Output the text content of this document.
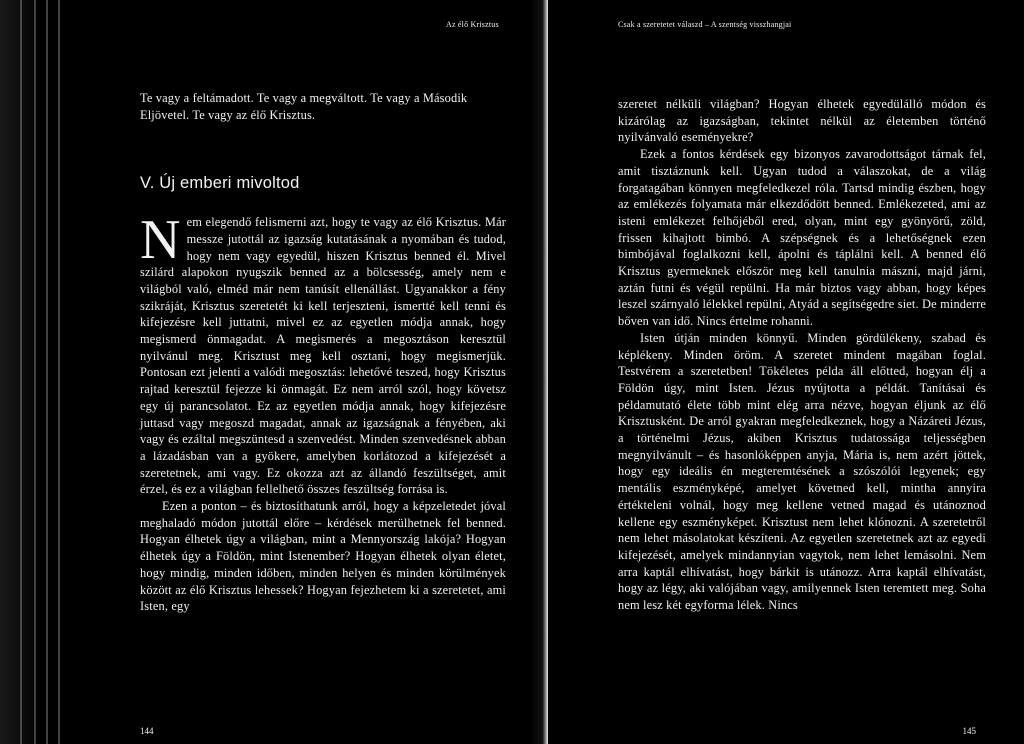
Az élő Krisztus

Te vagy a feltámadott. Te vagy a megváltott. Te vagy a Második Eljövetel. Te vagy az élő Krisztus.

V. Új emberi mivoltod

Nem elegendő felismerni azt, hogy te vagy az élő Krisztus. Már messze jutottál az igazság kutatásának a nyomában és tudod, hogy nem vagy egyedül, hiszen Krisztus benned él. Mivel szilárd alapokon nyugszik benned az a bölcsesség, amely nem e világból való, elméd már nem tanúsít ellenállást. Ugyanakkor a fény szikráját, Krisztus szeretetét ki kell terjeszteni, ismertté kell tenni és kifejezésre kell juttatni, mivel ez az egyetlen módja annak, hogy megismerd önmagadat. A megismerés a megosztáson keresztül nyilvánul meg. Krisztust meg kell osztani, hogy megismerjük. Pontosan ezt jelenti a valódi megosztás: lehetővé teszed, hogy Krisztus rajtad keresztül fejezze ki önmagát. Ez nem arról szól, hogy követsz egy új parancsolatot. Ez az egyetlen módja annak, hogy kifejezésre juttasd vagy megoszd magadat, annak az igazságnak a fényében, aki vagy és ezáltal megszüntesd a szenvedést. Minden szenvedésnek abban a lázadásban van a gyökere, amelyben korlátozod a kifejezését a szeretetnek, ami vagy. Ez okozza azt az állandó feszültséget, amit érzel, és ez a világban fellelhető összes feszültség forrása is.

Ezen a ponton – és biztosíthatunk arról, hogy a képzeletedet jóval meghaladó módon jutottál előre – kérdések merülhetnek fel benned. Hogyan élhetek úgy a világban, mint a Mennyország lakója? Hogyan élhetek úgy a Földön, mint Istenember? Hogyan élhetek olyan életet, hogy mindig, minden időben, minden helyen és minden körülmények között az élő Krisztus lehessek? Hogyan fejezhetem ki a szeretetet, ami Isten, egy

144
Csak a szeretetet válaszd – A szentség visszhangjai

szeretet nélküli világban? Hogyan élhetek egyedülálló módon és kizárólag az igazságban, tekintet nélkül az életemben történő nyilvánvaló eseményekre?

Ezek a fontos kérdések egy bizonyos zavarodottságot tárnak fel, amit tisztáznunk kell. Ugyan tudod a válaszokat, de a világ forgatagában könnyen megfeledkezel róla. Tartsd mindig észben, hogy az emlékezés folyamata már elkezdődött benned. Emlékezeted, ami az isteni emlékezet felhőjéből ered, olyan, mint egy gyönyörű, zöld, frissen kihajtott bimbó. A szépségnek és a lehetőségnek ezen bimbójával foglalkozni kell, ápolni és táplálni kell. A benned élő Krisztus gyermeknek először meg kell tanulnia mászni, majd járni, aztán futni és végül repülni. Ha már biztos vagy abban, hogy képes leszel szárnyaló lélekkel repülni, Atyád a segítségedre siet. De minderre bőven van idő. Nincs értelme rohanni.

Isten útján minden könnyű. Minden gördülékeny, szabad és képlékeny. Minden öröm. A szeretet mindent magában foglal. Testvérem a szeretetben! Tökéletes példa áll előtted, hogyan élj a Földön úgy, mint Isten. Jézus nyújtotta a példát. Tanításai és példamutató élete több mint elég arra nézve, hogyan éljunk az élő Krisztusként. De arról gyakran megfeledkeznek, hogy a Názáreti Jézus, a történelmi Jézus, akiben Krisztus tudatossága teljességben megnyilvánult – és hasonlóképpen anyja, Mária is, nem azért jöttek, hogy egy ideális én megteremtésének a szószólói legyenek; egy mentális eszményképé, amelyet követned kell, mintha annyira értékteleni volnál, hogy meg kellene vetned magad és utánoznod kellene egy eszményképet. Krisztust nem lehet klónozni. A szeretetről nem lehet másolatokat készíteni. Az egyetlen szeretetnek azt az egyedi kifejezését, amelyek mindannyian vagytok, nem lehet lemásolni. Nem arra kaptál elhívatást, hogy bárkit is utánozz. Arra kaptál elhívatást, hogy az légy, aki valójában vagy, amilyennek Isten teremtett meg. Soha nem lesz két egyforma lélek. Nincs

145
